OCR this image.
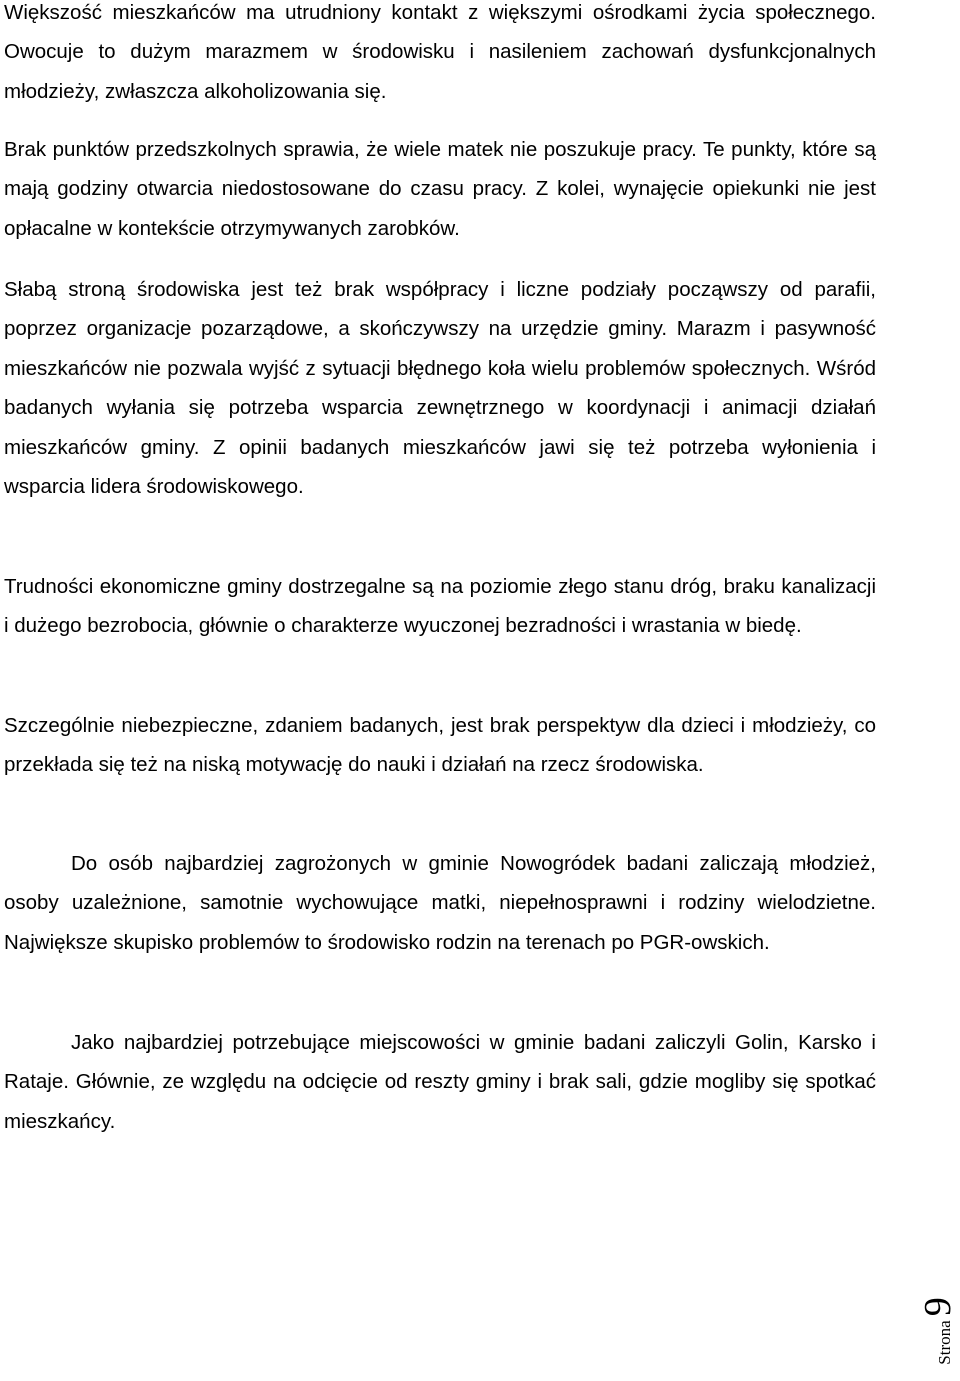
Większość mieszkańców ma utrudniony kontakt z większymi ośrodkami życia społecznego. Owocuje to dużym marazmem w środowisku i nasileniem zachowań dysfunkcjonalnych młodzieży, zwłaszcza alkoholizowania się.

Brak punktów przedszkolnych sprawia, że wiele matek nie poszukuje pracy. Te punkty, które są mają godziny otwarcia niedostosowane do czasu pracy. Z kolei, wynajęcie opiekunki nie jest opłacalne w kontekście otrzymywanych zarobków.

Słabą stroną środowiska jest też brak współpracy i liczne podziały począwszy od parafii, poprzez organizacje pozarządowe, a skończywszy na urzędzie gminy. Marazm i pasywność mieszkańców nie pozwala wyjść z sytuacji błędnego koła wielu problemów społecznych. Wśród badanych wyłania się potrzeba wsparcia zewnętrznego w koordynacji i animacji działań mieszkańców gminy. Z opinii badanych mieszkańców jawi się też potrzeba wyłonienia i wsparcia lidera środowiskowego.

Trudności ekonomiczne gminy dostrzegalne są na poziomie złego stanu dróg, braku kanalizacji i dużego bezrobocia, głównie o charakterze wyuczonej bezradności i wrastania w biedę.

Szczególnie niebezpieczne, zdaniem badanych, jest brak perspektyw dla dzieci i młodzieży, co przekłada się też na niską motywację do nauki i działań na rzecz środowiska.

Do osób najbardziej zagrożonych w gminie Nowogródek badani zaliczają młodzież, osoby uzależnione, samotnie wychowujące matki, niepełnosprawni i rodziny wielodzietne. Największe skupisko problemów to środowisko rodzin na terenach po PGR-owskich.

Jako najbardziej potrzebujące miejscowości w gminie badani zaliczyli Golin, Karsko i Rataje. Głównie, ze względu na odcięcie od reszty gminy i brak sali, gdzie mogliby się spotkać mieszkańcy.

Strona9
